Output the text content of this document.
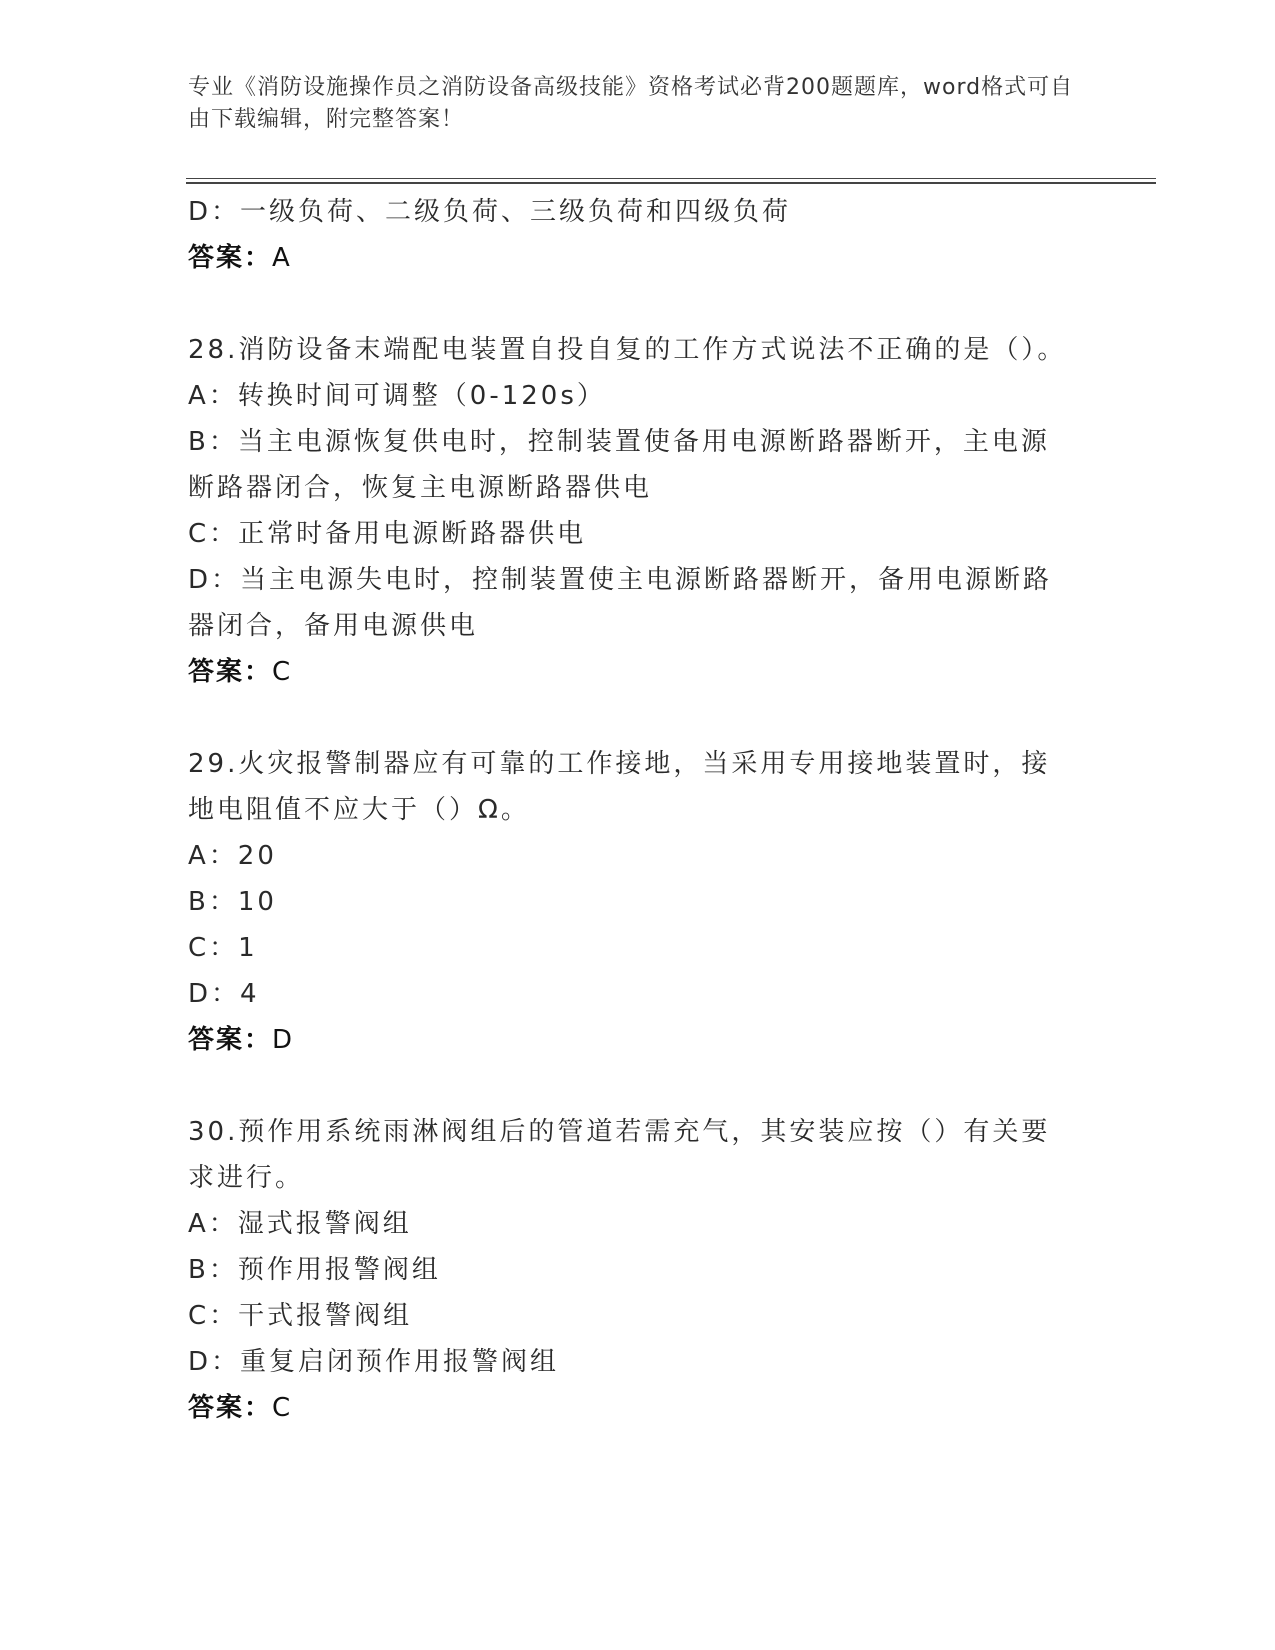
专业《消防设施操作员之消防设备高级技能》资格考试必背200题题库，word格式可自由下载编辑，附完整答案！
D：一级负荷、二级负荷、三级负荷和四级负荷
答案：A
28.消防设备末端配电装置自投自复的工作方式说法不正确的是（）。
A：转换时间可调整（0-120s）
B：当主电源恢复供电时，控制装置使备用电源断路器断开，主电源断路器闭合，恢复主电源断路器供电
C：正常时备用电源断路器供电
D：当主电源失电时，控制装置使主电源断路器断开，备用电源断路器闭合，备用电源供电
答案：C
29.火灾报警制器应有可靠的工作接地，当采用专用接地装置时，接地电阻值不应大于（）Ω。
A：20
B：10
C：1
D：4
答案：D
30.预作用系统雨淋阀组后的管道若需充气，其安装应按（）有关要求进行。
A：湿式报警阀组
B：预作用报警阀组
C：干式报警阀组
D：重复启闭预作用报警阀组
答案：C
